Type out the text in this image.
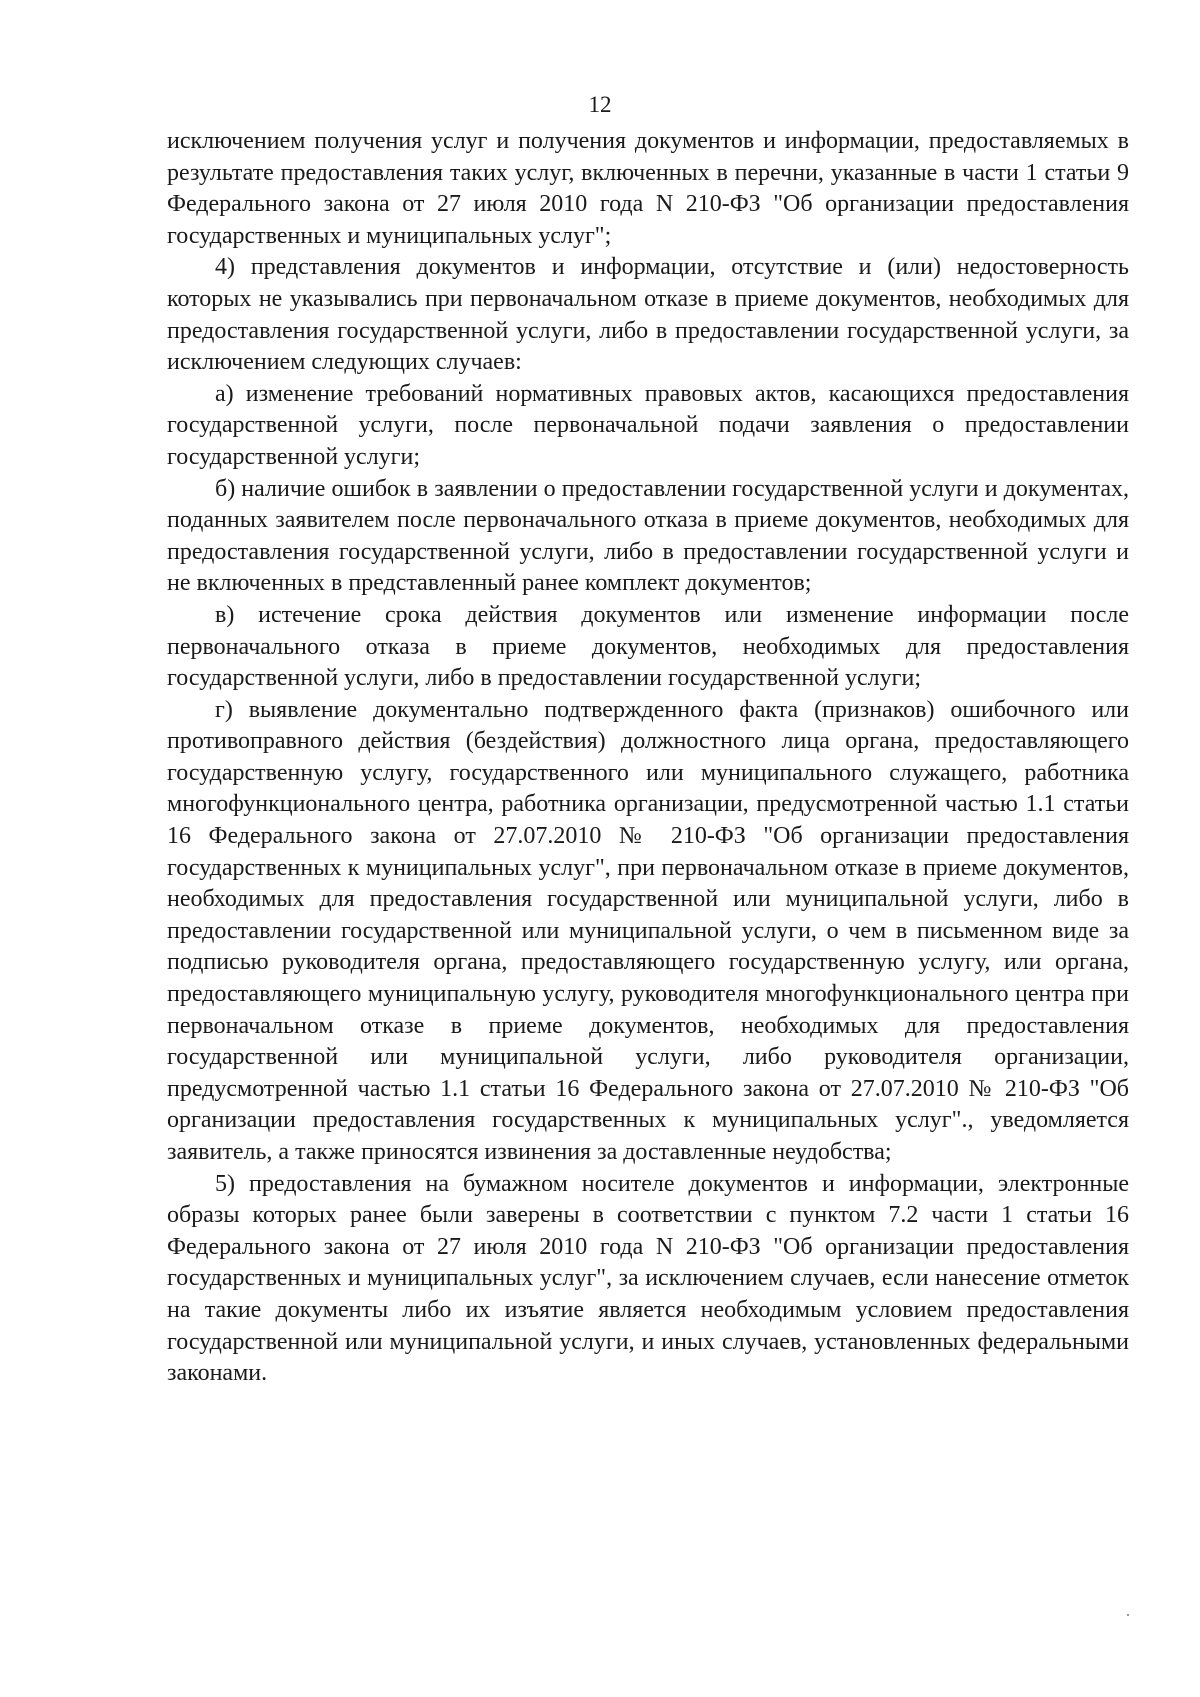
12

исключением получения услуг и получения документов и информации, предоставляемых в результате предоставления таких услуг, включенных в перечни, указанные в части 1 статьи 9 Федерального закона от 27 июля 2010 года N 210-ФЗ "Об организации предоставления государственных и муниципальных услуг";

4) представления документов и информации, отсутствие и (или) недостоверность которых не указывались при первоначальном отказе в приеме документов, необходимых для предоставления государственной услуги, либо в предоставлении государственной услуги, за исключением следующих случаев:

а) изменение требований нормативных правовых актов, касающихся предоставления государственной услуги, после первоначальной подачи заявления о предоставлении государственной услуги;

б) наличие ошибок в заявлении о предоставлении государственной услуги и документах, поданных заявителем после первоначального отказа в приеме документов, необходимых для предоставления государственной услуги, либо в предоставлении государственной услуги и не включенных в представленный ранее комплект документов;

в) истечение срока действия документов или изменение информации после первоначального отказа в приеме документов, необходимых для предоставления государственной услуги, либо в предоставлении государственной услуги;

г) выявление документально подтвержденного факта (признаков) ошибочного или противоправного действия (бездействия) должностного лица органа, предоставляющего государственную услугу, государственного или муниципального служащего, работника многофункционального центра, работника организации, предусмотренной частью 1.1 статьи 16 Федерального закона от 27.07.2010 № 210-ФЗ "Об организации предоставления государственных к муниципальных услуг", при первоначальном отказе в приеме документов, необходимых для предоставления государственной или муниципальной услуги, либо в предоставлении государственной или муниципальной услуги, о чем в письменном виде за подписью руководителя органа, предоставляющего государственную услугу, или органа, предоставляющего муниципальную услугу, руководителя многофункционального центра при первоначальном отказе в приеме документов, необходимых для предоставления государственной или муниципальной услуги, либо руководителя организации, предусмотренной частью 1.1 статьи 16 Федерального закона от 27.07.2010 № 210-ФЗ "Об организации предоставления государственных к муниципальных услуг"., уведомляется заявитель, а также приносятся извинения за доставленные неудобства;

5) предоставления на бумажном носителе документов и информации, электронные образы которых ранее были заверены в соответствии с пунктом 7.2 части 1 статьи 16 Федерального закона от 27 июля 2010 года N 210-ФЗ "Об организации предоставления государственных и муниципальных услуг", за исключением случаев, если нанесение отметок на такие документы либо их изъятие является необходимым условием предоставления государственной или муниципальной услуги, и иных случаев, установленных федеральными законами.
